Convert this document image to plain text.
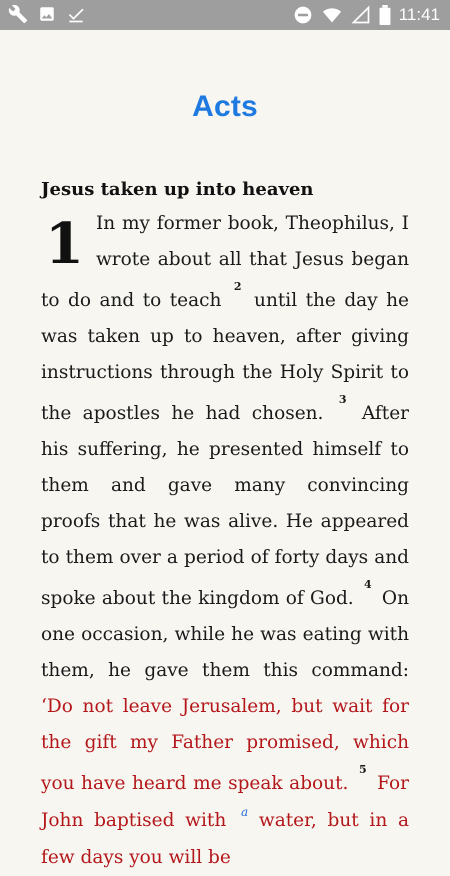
11:41
Acts
Jesus taken up into heaven
1 In my former book, Theophilus, I wrote about all that Jesus began to do and to teach $^2$ until the day he was taken up to heaven, after giving instructions through the Holy Spirit to the apostles he had chosen. $^3$ After his suffering, he presented himself to them and gave many convincing proofs that he was alive. He appeared to them over a period of forty days and spoke about the kingdom of God. $^4$ On one occasion, while he was eating with them, he gave them this command: ‘Do not leave Jerusalem, but wait for the gift my Father promised, which you have heard me speak about. $^5$ For John baptised with $^a$ water, but in a few days you will be
